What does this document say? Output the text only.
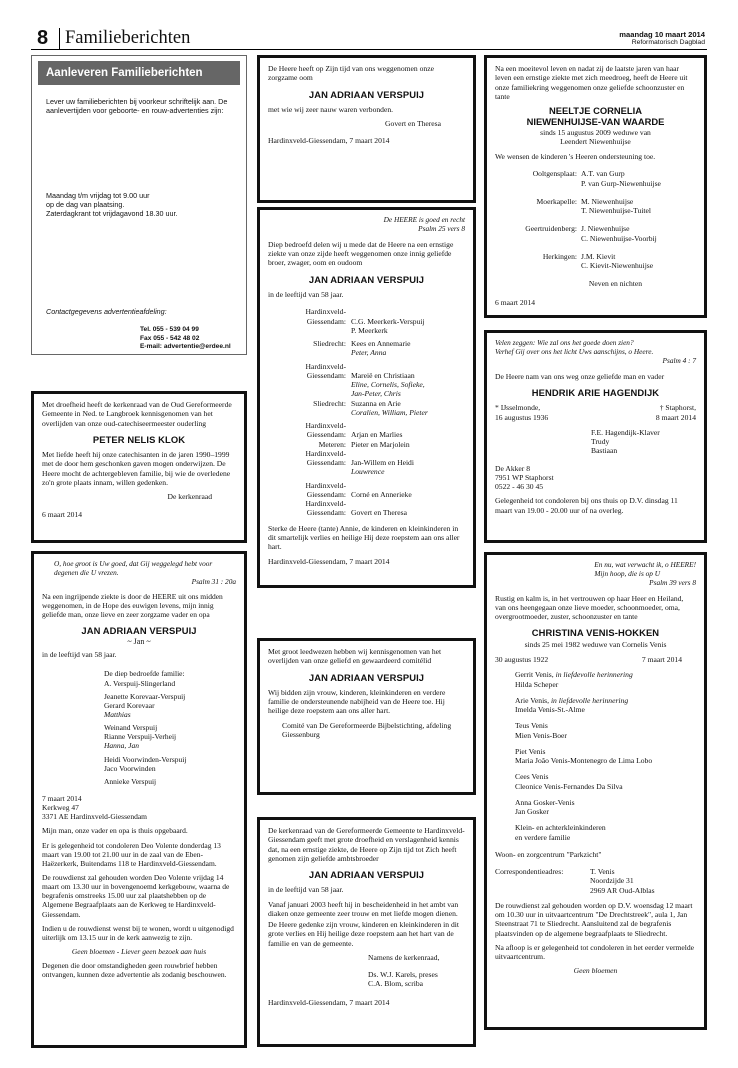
8 Familieberichten	maandag 10 maart 2014
Reformatorisch Dagblad
Aanleveren Familieberichten
Lever uw familieberichten bij voorkeur schriftelijk aan. De aanlevertijden voor geboorte- en rouw-advertenties zijn:
Maandag t/m vrijdag tot 9.00 uur
op de dag van plaatsing.
Zaterdagkrant tot vrijdagavond 18.30 uur.
Contactgegevens advertentieafdeling:
Tel. 055 - 539 04 99
Fax 055 - 542 48 02
E-mail: advertentie@erdee.nl

Met droefheid heeft de kerkenraad van de Oud Gereformeerde Gemeente in Ned. te Langbroek kennisgenomen van het overlijden van onze oud-catechiseermeester ouderling

PETER NELIS KLOK

Met liefde heeft hij onze catechisanten in de jaren 1990–1999 met de door hem geschonken gaven mogen onderwijzen. De Heere mocht de achtergebleven familie, bij wie de overledene zo'n grote plaats innam, willen gedenken.

De kerkenraad
6 maart 2014
O, hoe groot is Uw goed, dat Gij weggelegd hebt voor degenen die U vrezen.
Psalm 31 : 20a

Na een ingrijpende ziekte is door de HEERE uit ons midden weggenomen, in de Hope des euwigen levens, mijn innig geliefde man, onze lieve en zeer zorgzame vader en opa

JAN ADRIAAN VERSPUIJ
~ Jan ~
in de leeftijd van 58 jaar.
De diep bedroefde familie:
A. Verspuij-Slingerland
Jeanette Korevaar-Verspuij
Gerard Korevaar
Matthias
Weinand Verspuij
Rianne Verspuij-Verheij
Hanna, Jan
Heidi Voorwinden-Verspuij
Jaco Voorwinden
Annieke Verspuij
7 maart 2014
Kerkweg 47
3371 AE Hardinxveld-Giessendam

Mijn man, onze vader en opa is thuis opgebaard.

Er is gelegenheid tot condoleren Deo Volente donderdag 13 maart van 19.00 tot 21.00 uur in de zaal van de Eben-Haëzerkerk, Buitendams 118 te Hardinxveld-Giessendam.

De rouwdienst zal gehouden worden Deo Volente vrijdag 14 maart om 13.30 uur in bovengenoemd kerkgebouw, waarna de begrafenis omstreeks 15.00 uur zal plaatshebben op de Algemene Begraafplaats aan de Kerkweg te Hardinxveld-Giessendam.

Indien u de rouwdienst wenst bij te wonen, wordt u uitgenodigd uiterlijk om 13.15 uur in de kerk aanwezig te zijn.

Geen bloemen - Liever geen bezoek aan huis

Degenen die door omstandigheden geen rouwbrief hebben ontvangen, kunnen deze advertentie als zodanig beschouwen.

De Heere heeft op Zijn tijd van ons weggenomen onze zorgzame oom

JAN ADRIAAN VERSPUIJ

met wie wij zeer nauw waren verbonden.

Govert en Theresa
Hardinxveld-Giessendam, 7 maart 2014
De HEERE is goed en recht
Psalm 25 vers 8

Diep bedroefd delen wij u mede dat de Heere na een ernstige ziekte van onze zijde heeft weggenomen onze innig geliefde broer, zwager, oom en oudoom

JAN ADRIAAN VERSPUIJ
in de leeftijd van 58 jaar.
Hardinxveld-
Giessendam: C.G. Meerkerk-Verspuij
P. Meerkerk
Sliedrecht: Kees en Annemarie
Peter, Anna
Hardinxveld-
Giessendam: Mareië en Christiaan
Eline, Cornelis, Sofieke,
Jan-Peter, Chris
Sliedrecht: Suzanna en Arie
Coralien, William, Pieter
Hardinxveld-
Giessendam: Arjan en Marlies
Meteren: Pieter en Marjolein
Hardinxveld-
Giessendam: Jan-Willem en Heidi
Louwrence
Hardinxveld-
Giessendam: Corné en Annerieke
Hardinxveld-
Giessendam: Govert en Theresa

Sterke de Heere (tante) Annie, de kinderen en kleinkinderen in dit smartelijk verlies en heilige Hij deze roepstem aan ons aller hart.

Hardinxveld-Giessendam, 7 maart 2014

Met groot leedwezen hebben wij kennisgenomen van het overlijden van onze geliefd en gewaardeerd comitélid

JAN ADRIAAN VERSPUIJ

Wij bidden zijn vrouw, kinderen, kleinkinderen en verdere familie de ondersteunende nabijheid van de Heere toe. Hij heilige deze roepstem aan ons aller hart.

Comité van De Gereformeerde Bijbelstichting, afdeling Giessenburg

De kerkenraad van de Gereformeerde Gemeente te Hardinxveld-Giessendam geeft met grote droefheid en verslagenheid kennis dat, na een ernstige ziekte, de Heere op Zijn tijd tot Zich heeft genomen zijn geliefde ambtsbroeder

JAN ADRIAAN VERSPUIJ
in de leeftijd van 58 jaar.

Vanaf januari 2003 heeft hij in bescheidenheid in het ambt van diaken onze gemeente zeer trouw en met liefde mogen dienen.

De Heere gedenke zijn vrouw, kinderen en kleinkinderen in dit grote verlies en Hij heilige deze roepstem aan het hart van de familie en van de gemeente.

Namens de kerkenraad,
Ds. W.J. Karels, preses
C.A. Blom, scriba
Hardinxveld-Giessendam, 7 maart 2014

Na een moeitevol leven en nadat zij de laatste jaren van haar leven een ernstige ziekte met zich meedroeg, heeft de Heere uit onze familiekring weggenomen onze geliefde schoonzuster en tante

NEELTJE CORNELIA
NIEWENHUIJSE-VAN WAARDE
sinds 15 augustus 2009 weduwe van
Leendert Niewenhuijse
We wensen de kinderen 's Heeren ondersteuning toe.
Ooltgensplaat: A.T. van Gurp
P. van Gurp-Niewenhuijse
Moerkapelle: M. Niewenhuijse
T. Niewenhuijse-Tuitel
Geertruidenberg: J. Niewenhuijse
C. Niewenhuijse-Voorbij
Herkingen: J.M. Kievit
C. Kievit-Niewenhuijse
Neven en nichten
6 maart 2014
Velen zeggen: Wie zal ons het goede doen zien?
Verhef Gij over ons het licht Uws aanschijns, o Heere.
Psalm 4 : 7

De Heere nam van ons weg onze geliefde man en vader

HENDRIK ARIE HAGENDIJK
* IJsselmonde,	† Staphorst,
16 augustus 1936	8 maart 2014
F.E. Hagendijk-Klaver
Trudy
Bastiaan
De Akker 8
7951 WP Staphorst
0522 - 46 30 45

Gelegenheid tot condoleren bij ons thuis op D.V. dinsdag 11 maart van 19.00 - 20.00 uur of na overleg.

En nu, wat verwacht ik, o HEERE!
Mijn hoop, die is op U
Psalm 39 vers 8

Rustig en kalm is, in het vertrouwen op haar Heer en Heiland, van ons heengegaan onze lieve moeder, schoonmoeder, oma, overgrootmoeder, zuster, schoonzuster en tante

CHRISTINA VENIS-HOKKEN
sinds 25 mei 1982 weduwe van Cornelis Venis
30 augustus 1922	7 maart 2014
Gerrit Venis, in liefdevolle herinnering
Hilda Scheper
Arie Venis, in liefdevolle herinnering
Imelda Venis-St.-Alme
Teus Venis
Mien Venis-Boer
Piet Venis
Maria João Venis-Montenegro de Lima Lobo
Cees Venis
Cleonice Venis-Fernandes Da Silva
Anna Gosker-Venis
Jan Gosker
Klein- en achterkleinkinderen
en verdere familie
Woon- en zorgcentrum "Parkzicht"
Correspondentieadres:	T. Venis
Noordzijde 31
2969 AR Oud-Alblas

De rouwdienst zal gehouden worden op D.V. woensdag 12 maart om 10.30 uur in uitvaartcentrum "De Drechtstreek", aula 1, Jan Steenstraat 71 te Sliedrecht. Aansluitend zal de begrafenis plaatsvinden op de algemene begraafplaats te Sliedrecht.

Na afloop is er gelegenheid tot condoleren in het eerder vermelde uitvaartcentrum.

Geen bloemen
